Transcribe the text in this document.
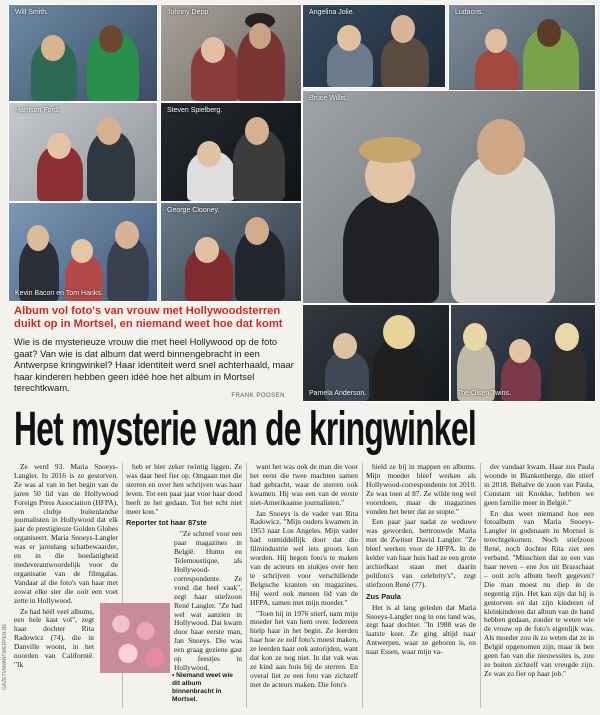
Will Smith.	Johnny Depp.	Angelina Jolie.	Ludacris.
Harrison Ford.	Steven Spielberg.
Bruce Willis.
Kevin Bacon en Tom Hanks.
George Clooney.
Pamela Anderson.	The Olsen Twins.
Album vol foto's van vrouw met Hollywoodsterren duikt op in Mortsel, en niemand weet hoe dat komt
Wie is de mysterieuze vrouw die met heel Hollywood op de foto gaat? Van wie is dat album dat werd binnengebracht in een Antwerpse kringwinkel? Haar identiteit werd snel achterhaald, maar haar kinderen hebben geen idéé hoe het album in Mortsel terechtkwam.
FRANK POOSEN
Het mysterie van de kringwinkel

Ze werd 93. Maria Snoeys-Langler. In 2016 is ze gestorven. Ze was al van in het begin van de jaren 50 lid van de Hollywood Foreign Press Association (HFPA), een clubje buitenlandse journalisten in Hollywood dat elk jaar de prestigieuze Golden Globes organiseert. Maria Snoeys-Langler was er jarenlang schatbewaarder, en in die hoedanigheid medeverantwoordelijk voor de organisatie van de filmgalas. Vandaar al die foto's van haar met zowat elke ster die ooit een voet zette in Hollywood.

Ze had héél veel albums, een hele kast vol", zegt haar dochter Rita Radowicz (74), die in Danville woont, in het noorden van Californië. "Ik

heb er hier zeker twintig liggen. Ze was daar heel fier op. Omgaan met die sterren en over hen schrijven was haar leven. Tot een paar jaar voor haar dood heeft ze het gedaan. Tot het echt niet meer kon."

Reporter tot haar 87ste

"Ze schreef voor een paar magazines in België. Humo en Telemoustique, als Hollywood-correspondente. Ze vond dat heel vaak", zegt haar stiefzoon René Langler. "Ze had wel wat aanzien in Hollywood. Dat kwam door haar eerste man, Jan Snoeys. Die was een graag geziene gast op feestjes in Hollywood,

want het was ook de man die voor het eerst die twee machten samen had gebracht, waar de sterren ook kwamen. Hij was een van de eerste niet-Amerikaanse journalisten."

Jan Snoeys is de vader van Rita Radowicz. "Mijn ouders kwamen in 1953 naar Los Angeles. Mijn vader had onmiddellijk door dat die filmindustrie wel iets groots kon worden. Hij begon foto's te maken van de acteurs en stukjes over hen te schrijven voor verschillende Belgische kranten en magazines. Hij werd ook meteen lid van de HFPA, samen met mijn moeder."

"Toen hij in 1976 stierf, nam mijn moeder het van hem over. Iedereen hielp haar in het begin. Ze leerden haar hoe ze zelf foto's moest maken, ze leerden haar ook autorijden, want dat kon ze nog niet. In dat vak was ze kind aan huis bij de sterren. En overal liet ze een foto van zichzelf met de acteurs maken. Die foto's

hield ze bij in mappen en albums. Mijn moeder bleef werken als Hollywood-correspondente tot 2010. Ze was toen al 87. Ze wilde nog wel voortdoen, maar de magazines vonden het beter dat ze stopte."

Een paar jaar nadat ze weduwe was geworden, hertrouwde Maria met de Zwitser David Langler. "Ze bleef werken voor de HFPA. In de kelder van haar huis had ze een grote archiefkast staan met daarin polifoto's van celebrity's", zegt stiefzoon René (77).

Zus Paula

Het is al lang geleden dat Maria Snoeys-Langler nog in ons land was, zegt haar dochter. "In 1988 was de laatste keer. Ze ging altijd naar Antwerpen, waar ze geboren is, en naar Essen, waar mijn va-

der vandaar kwam. Haar zus Paula woonde in Blankenberge, die stierf in 2018. Behalve de zoon van Paula, Constant uit Knokke, hebben we geen familie meer in België."

En dus weet niemand hoe een fotoalbum van Maria Snoeys-Langler in godsnaam in Mortsel is terechtgekomen. Noch stiefzoon René, noch dochter Rita ziet een verband. "Misschien dat ze een van haar neven – ene Jos uit Brasschaat – ooit zo'n album heeft gegeven? Die man moest nu diep in de negentig zijn. Het kan zijn dat hij is gestorven en dat zijn kinderen of kleinkinderen dat album van de hand hebben gedaan, zonder te weten wie de vrouw op de foto's eigenlijk was. Als moeder zou ik zo weten dat ze in België opgenomen zijn, maar ik ben geen fan van die nieuwssites is, zou ze buiten zichzelf van vreugde zijn. Ze was zo fier op haar job."

• Niemand weet wie dit album binnenbracht in Mortsel.
GAZETVANANTWERPEN.BE
